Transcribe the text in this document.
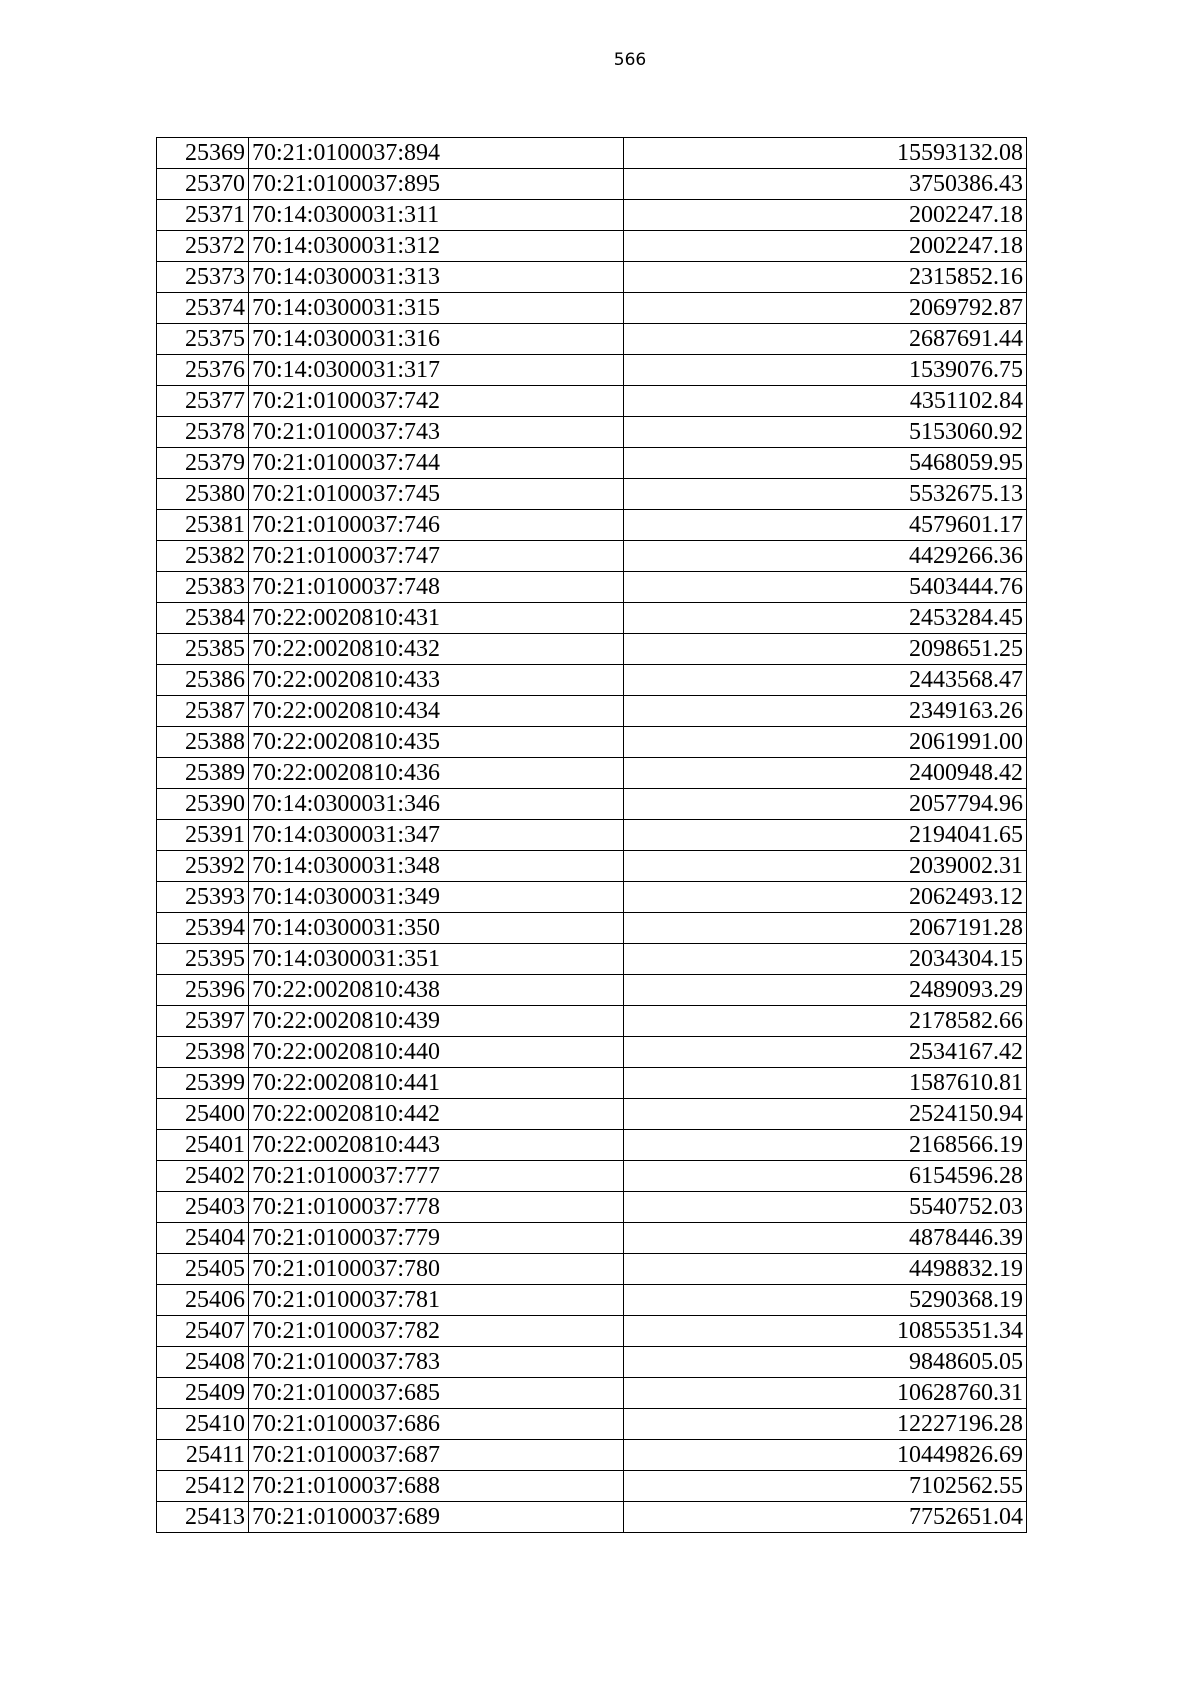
566
25369	70:21:0100037:894	15593132.08
25370	70:21:0100037:895	3750386.43
25371	70:14:0300031:311	2002247.18
25372	70:14:0300031:312	2002247.18
25373	70:14:0300031:313	2315852.16
25374	70:14:0300031:315	2069792.87
25375	70:14:0300031:316	2687691.44
25376	70:14:0300031:317	1539076.75
25377	70:21:0100037:742	4351102.84
25378	70:21:0100037:743	5153060.92
25379	70:21:0100037:744	5468059.95
25380	70:21:0100037:745	5532675.13
25381	70:21:0100037:746	4579601.17
25382	70:21:0100037:747	4429266.36
25383	70:21:0100037:748	5403444.76
25384	70:22:0020810:431	2453284.45
25385	70:22:0020810:432	2098651.25
25386	70:22:0020810:433	2443568.47
25387	70:22:0020810:434	2349163.26
25388	70:22:0020810:435	2061991.00
25389	70:22:0020810:436	2400948.42
25390	70:14:0300031:346	2057794.96
25391	70:14:0300031:347	2194041.65
25392	70:14:0300031:348	2039002.31
25393	70:14:0300031:349	2062493.12
25394	70:14:0300031:350	2067191.28
25395	70:14:0300031:351	2034304.15
25396	70:22:0020810:438	2489093.29
25397	70:22:0020810:439	2178582.66
25398	70:22:0020810:440	2534167.42
25399	70:22:0020810:441	1587610.81
25400	70:22:0020810:442	2524150.94
25401	70:22:0020810:443	2168566.19
25402	70:21:0100037:777	6154596.28
25403	70:21:0100037:778	5540752.03
25404	70:21:0100037:779	4878446.39
25405	70:21:0100037:780	4498832.19
25406	70:21:0100037:781	5290368.19
25407	70:21:0100037:782	10855351.34
25408	70:21:0100037:783	9848605.05
25409	70:21:0100037:685	10628760.31
25410	70:21:0100037:686	12227196.28
25411	70:21:0100037:687	10449826.69
25412	70:21:0100037:688	7102562.55
25413	70:21:0100037:689	7752651.04
